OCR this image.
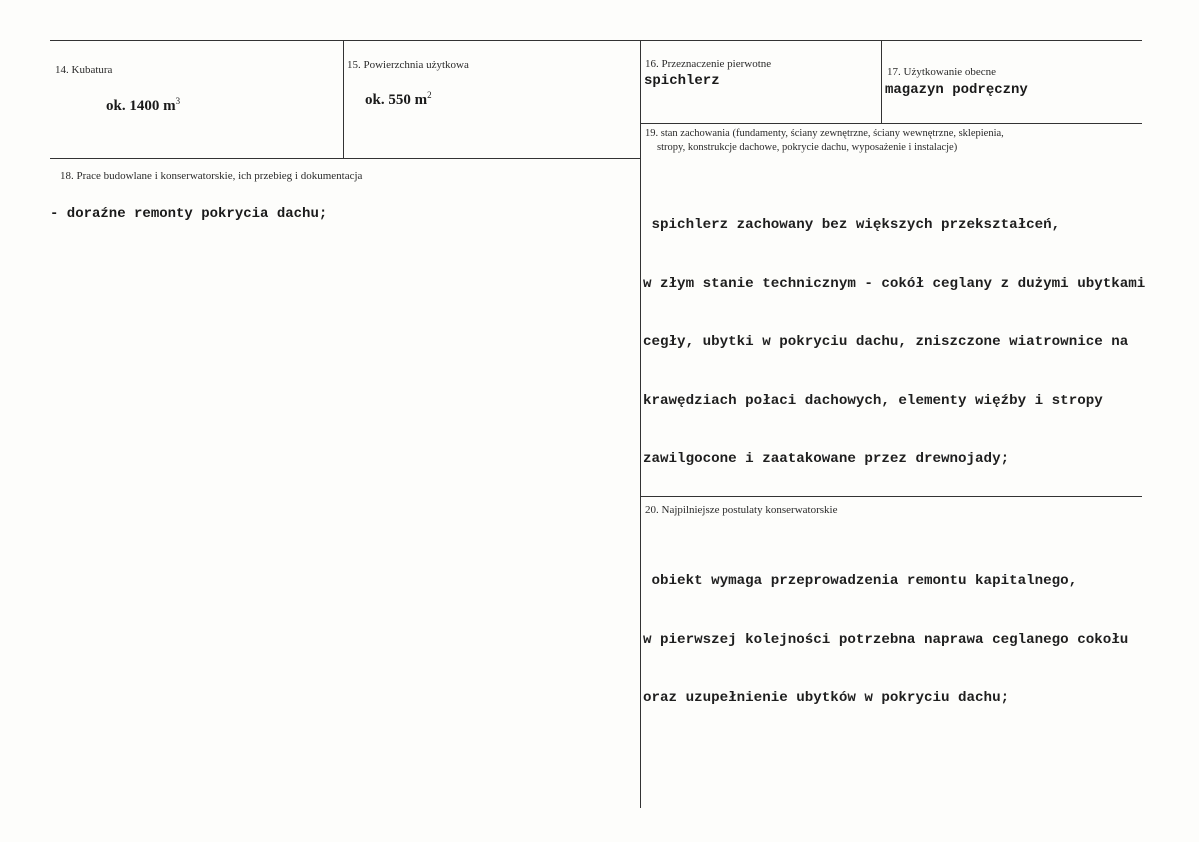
14. Kubatura
ok. 1400 $m^3$
15. Powierzchnia użytkowa
ok. 550 $m^2$
16. Przeznaczenie pierwotne
spichlerz
17. Użytkowanie obecne
magazyn podręczny
18. Prace budowlane i konserwatorskie, ich przebieg i dokumentacja
- doraźne remonty pokrycia dachu;
19. stan zachowania (fundamenty, ściany zewnętrzne, ściany wewnętrzne, sklepienia,
stropy, konstrukcje dachowe, pokrycie dachu, wyposażenie i instalacje)

spichlerz zachowany bez większych przekształceń,

w złym stanie technicznym - cokół ceglany z dużymi ubytkami

cegły, ubytki w pokryciu dachu, zniszczone wiatrownice na

krawędziach połaci dachowych, elementy więźby i stropy

zawilgocone i zaatakowane przez drewnojady;

20. Najpilniejsze postulaty konserwatorskie

obiekt wymaga przeprowadzenia remontu kapitalnego,

w pierwszej kolejności potrzebna naprawa ceglanego cokołu

oraz uzupełnienie ubytków w pokryciu dachu;
